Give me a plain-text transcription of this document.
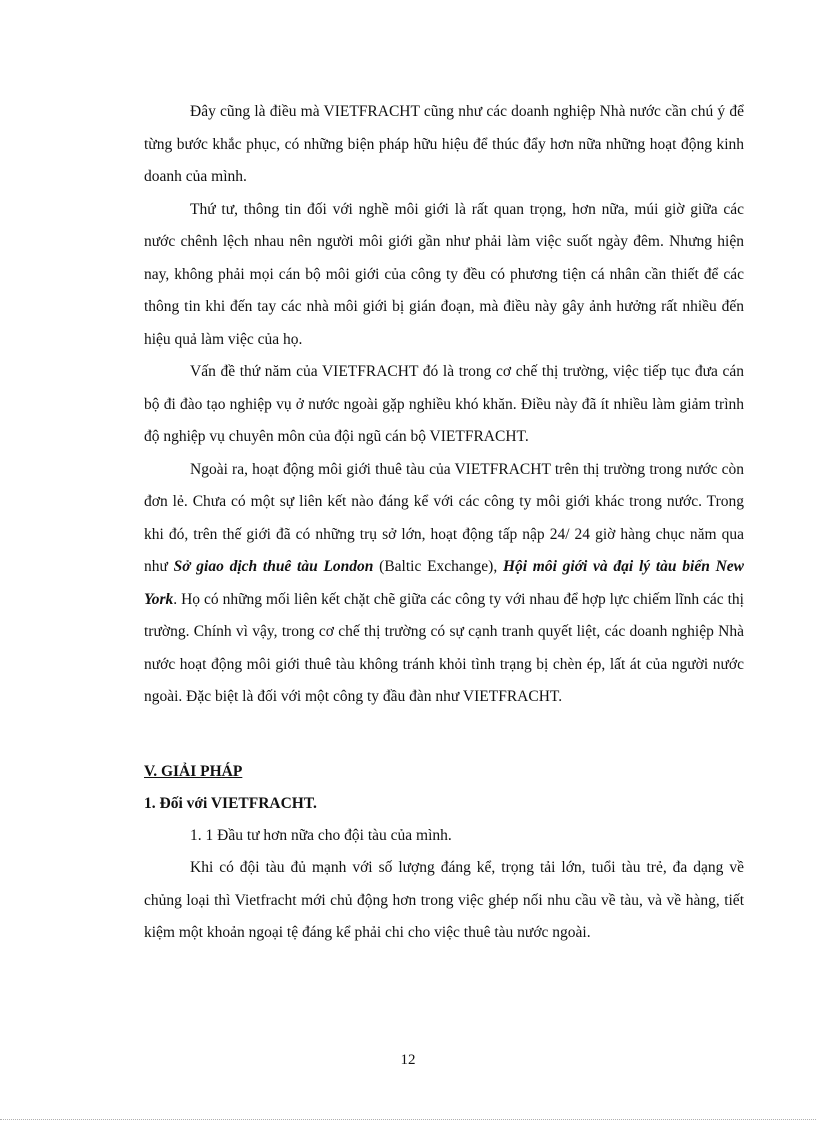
Đây cũng là điều mà VIETFRACHT cũng như các doanh nghiệp Nhà nước cần chú ý để từng bước khắc phục, có những biện pháp hữu hiệu để thúc đẩy hơn nữa những hoạt động kinh doanh của mình.

Thứ tư, thông tin đối với nghề môi giới là rất quan trọng, hơn nữa, múi giờ giữa các nước chênh lệch nhau nên người môi giới gần như phải làm việc suốt ngày đêm. Nhưng hiện nay, không phải mọi cán bộ môi giới của công ty đều có phương tiện cá nhân cần thiết để các thông tin khi đến tay các nhà môi giới bị gián đoạn, mà điều này gây ảnh hưởng rất nhiều đến hiệu quả làm việc của họ.

Vấn đề thứ năm của VIETFRACHT đó là trong cơ chế thị trường, việc tiếp tục đưa cán bộ đi đào tạo nghiệp vụ ở nước ngoài gặp nghiều khó khăn. Điều này đã ít nhiều làm giảm trình độ nghiệp vụ chuyên môn của đội ngũ cán bộ VIETFRACHT.

Ngoài ra, hoạt động môi giới thuê tàu của VIETFRACHT trên thị trường trong nước còn đơn lẻ. Chưa có một sự liên kết nào đáng kể với các công ty môi giới khác trong nước. Trong khi đó, trên thế giới đã có những trụ sở lớn, hoạt động tấp nập 24/ 24 giờ hàng chục năm qua như Sở giao dịch thuê tàu London (Baltic Exchange), Hội môi giới và đại lý tàu biển New York. Họ có những mối liên kết chặt chẽ giữa các công ty với nhau để hợp lực chiếm lĩnh các thị trường. Chính vì vậy, trong cơ chế thị trường có sự cạnh tranh quyết liệt, các doanh nghiệp Nhà nước hoạt động môi giới thuê tàu không tránh khỏi tình trạng bị chèn ép, lất át của người nước ngoài. Đặc biệt là đối với một công ty đầu đàn như VIETFRACHT.

V. GIẢI PHÁP

1. Đối với VIETFRACHT.

1. 1 Đầu tư hơn nữa cho đội tàu của mình.

Khi có đội tàu đủ mạnh với số lượng đáng kể, trọng tải lớn, tuổi tàu trẻ, đa dạng về chủng loại thì Vietfracht mới chủ động hơn trong việc ghép nối nhu cầu về tàu, và về hàng, tiết kiệm một khoản ngoại tệ đáng kể phải chi cho việc thuê tàu nước ngoài.

12
